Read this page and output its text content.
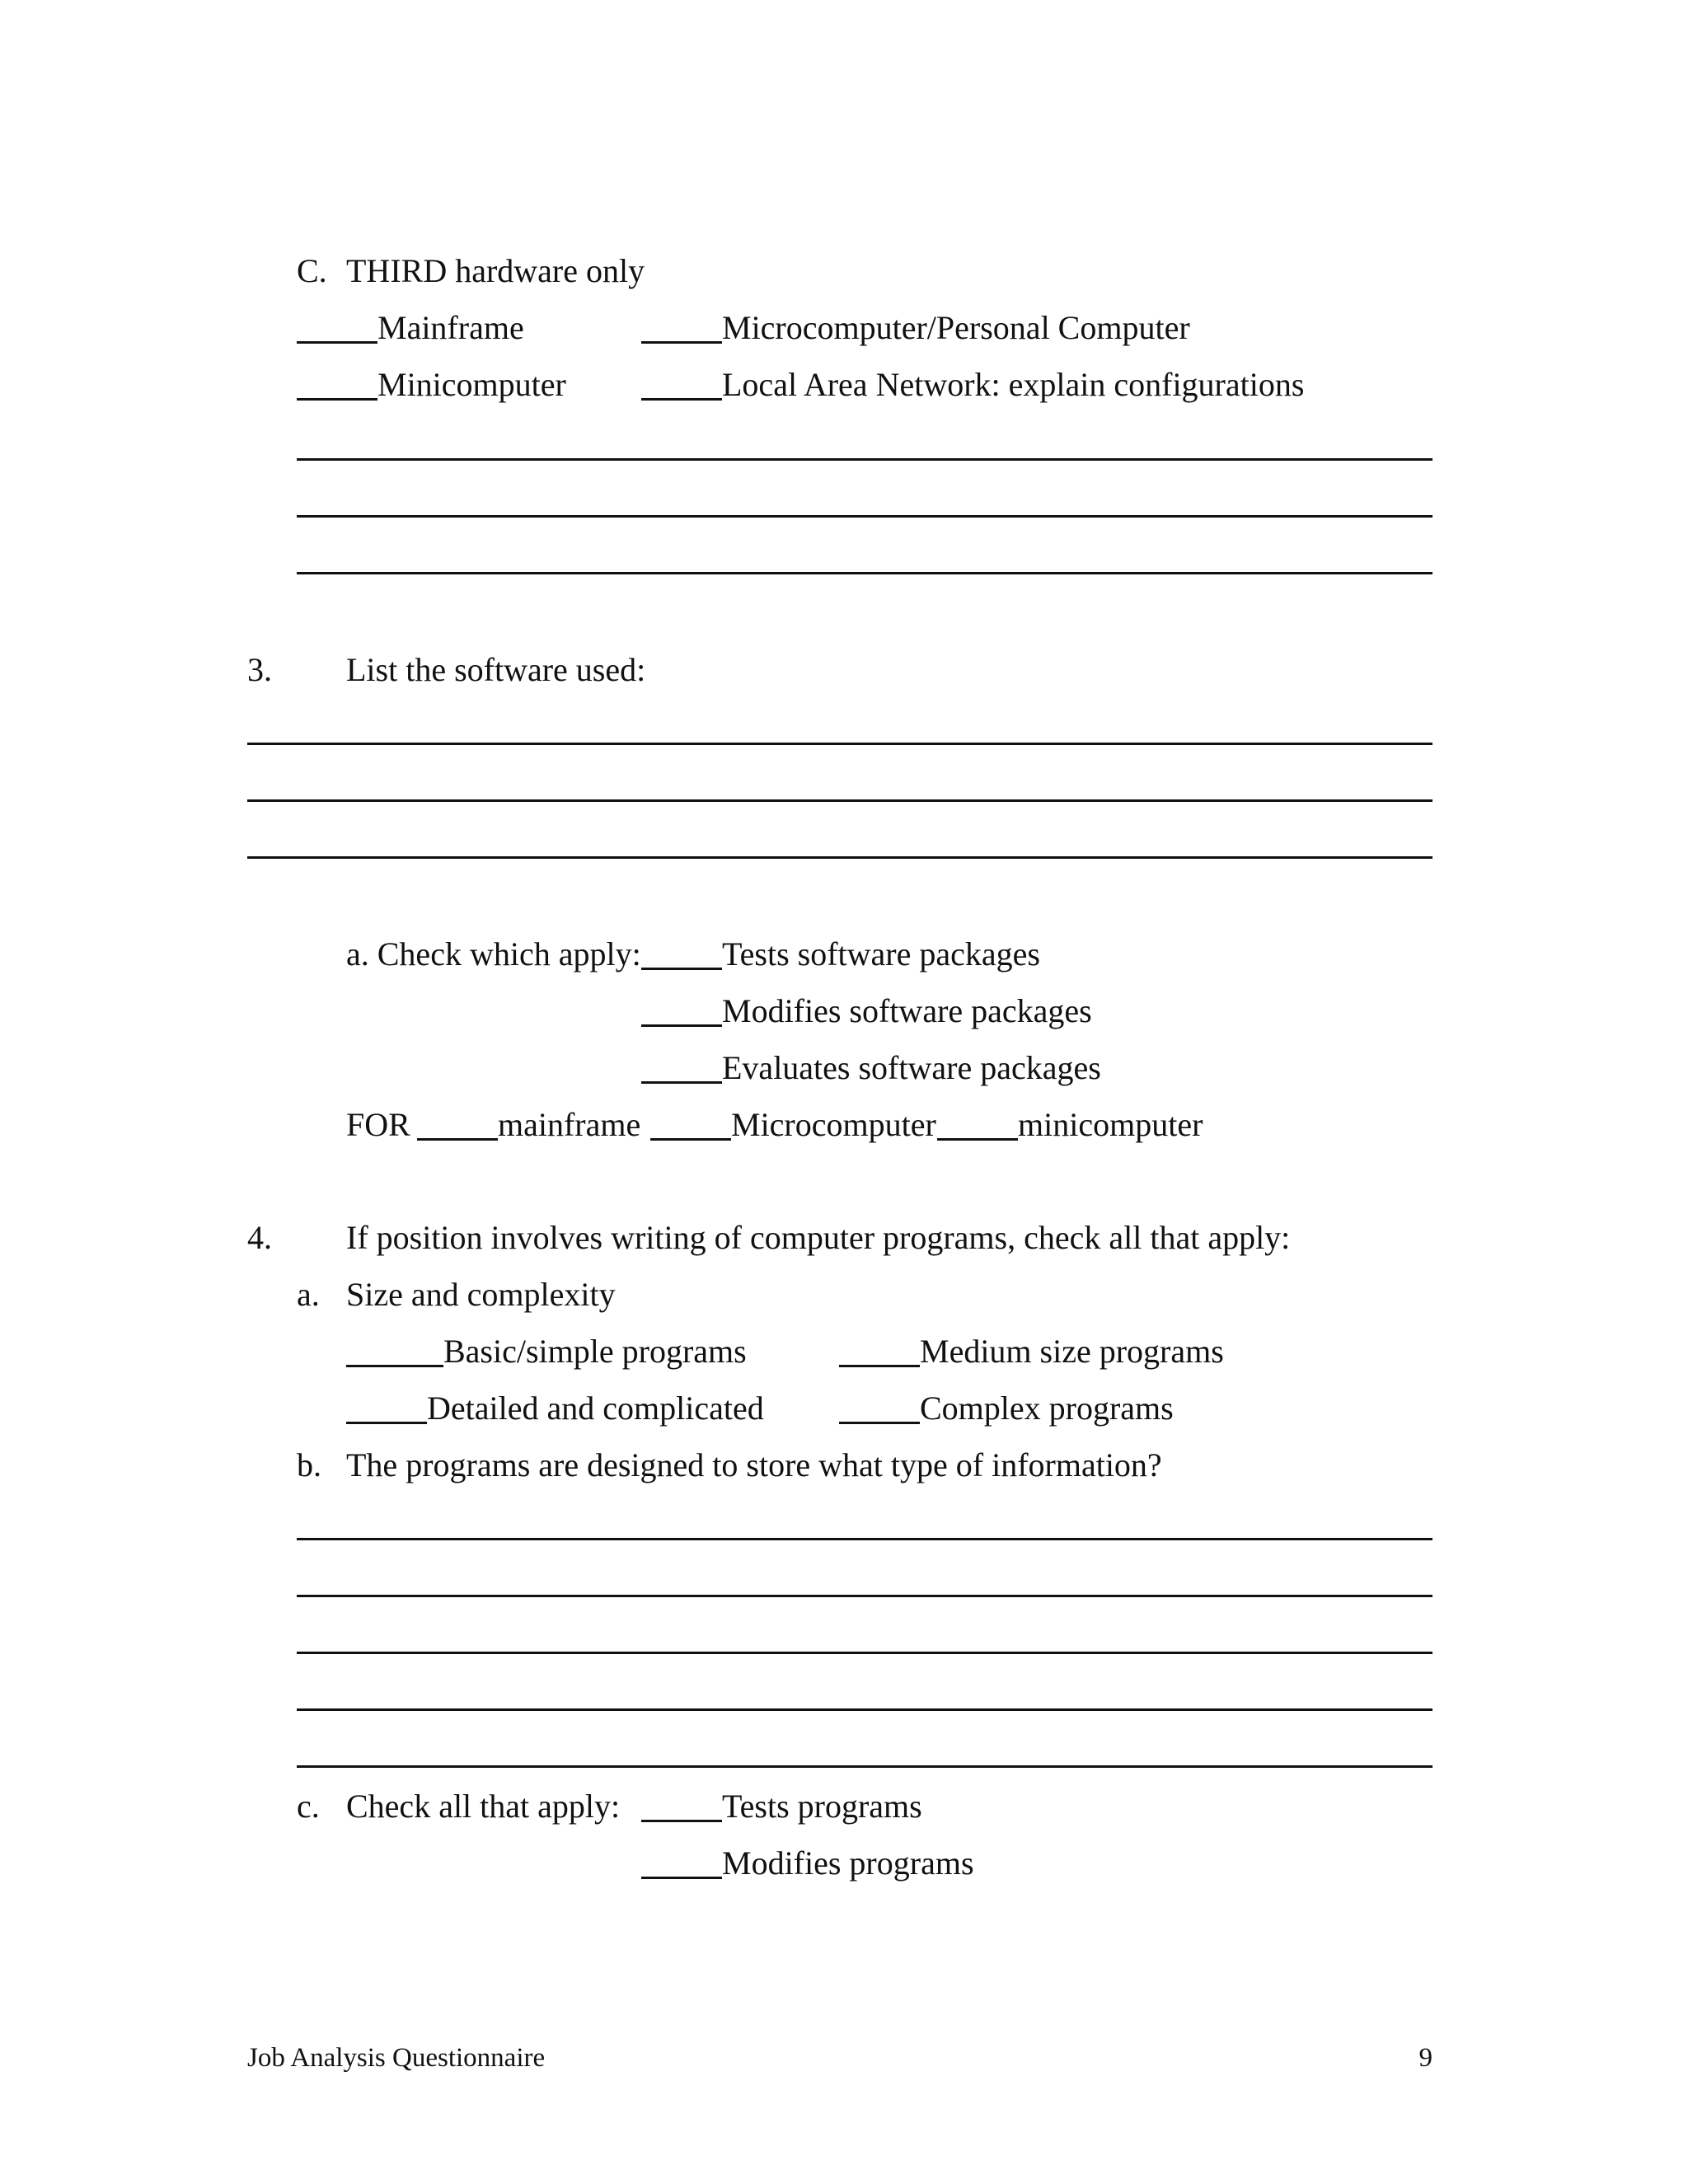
C. THIRD hardware only
Mainframe	Microcomputer/Personal Computer
Minicomputer	Local Area Network: explain configurations
3. List the software used:
a. Check which apply: Tests software packages
Modifies software packages
Evaluates software packages
FOR	mainframe	Microcomputer minicomputer
4. If position involves writing of computer programs, check all that apply:
a. Size and complexity
Basic/simple programs	Medium size programs
Detailed and complicated	Complex programs
b. The programs are designed to store what type of information?
c. Check all that apply:	Tests programs
Modifies programs
Job Analysis Questionnaire	9
